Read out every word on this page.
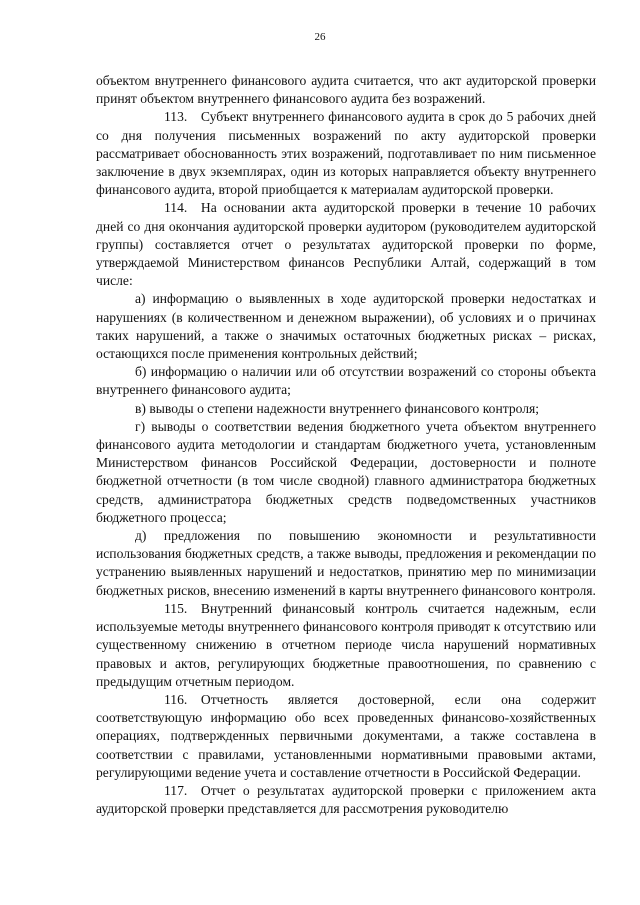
26

объектом внутреннего финансового аудита считается, что акт аудиторской проверки принят объектом внутреннего финансового аудита без возражений.

113. Субъект внутреннего финансового аудита в срок до 5 рабочих дней со дня получения письменных возражений по акту аудиторской проверки рассматривает обоснованность этих возражений, подготавливает по ним письменное заключение в двух экземплярах, один из которых направляется объекту внутреннего финансового аудита, второй приобщается к материалам аудиторской проверки.

114. На основании акта аудиторской проверки в течение 10 рабочих дней со дня окончания аудиторской проверки аудитором (руководителем аудиторской группы) составляется отчет о результатах аудиторской проверки по форме, утверждаемой Министерством финансов Республики Алтай, содержащий в том числе:

а) информацию о выявленных в ходе аудиторской проверки недостатках и нарушениях (в количественном и денежном выражении), об условиях и о причинах таких нарушений, а также о значимых остаточных бюджетных рисках – рисках, остающихся после применения контрольных действий;

б) информацию о наличии или об отсутствии возражений со стороны объекта внутреннего финансового аудита;

в) выводы о степени надежности внутреннего финансового контроля;

г) выводы о соответствии ведения бюджетного учета объектом внутреннего финансового аудита методологии и стандартам бюджетного учета, установленным Министерством финансов Российской Федерации, достоверности и полноте бюджетной отчетности (в том числе сводной) главного администратора бюджетных средств, администратора бюджетных средств подведомственных участников бюджетного процесса;

д) предложения по повышению экономности и результативности использования бюджетных средств, а также выводы, предложения и рекомендации по устранению выявленных нарушений и недостатков, принятию мер по минимизации бюджетных рисков, внесению изменений в карты внутреннего финансового контроля.

115. Внутренний финансовый контроль считается надежным, если используемые методы внутреннего финансового контроля приводят к отсутствию или существенному снижению в отчетном периоде числа нарушений нормативных правовых и актов, регулирующих бюджетные правоотношения, по сравнению с предыдущим отчетным периодом.

116. Отчетность является достоверной, если она содержит соответствующую информацию обо всех проведенных финансово-хозяйственных операциях, подтвержденных первичными документами, а также составлена в соответствии с правилами, установленными нормативными правовыми актами, регулирующими ведение учета и составление отчетности в Российской Федерации.

117. Отчет о результатах аудиторской проверки с приложением акта аудиторской проверки представляется для рассмотрения руководителю
